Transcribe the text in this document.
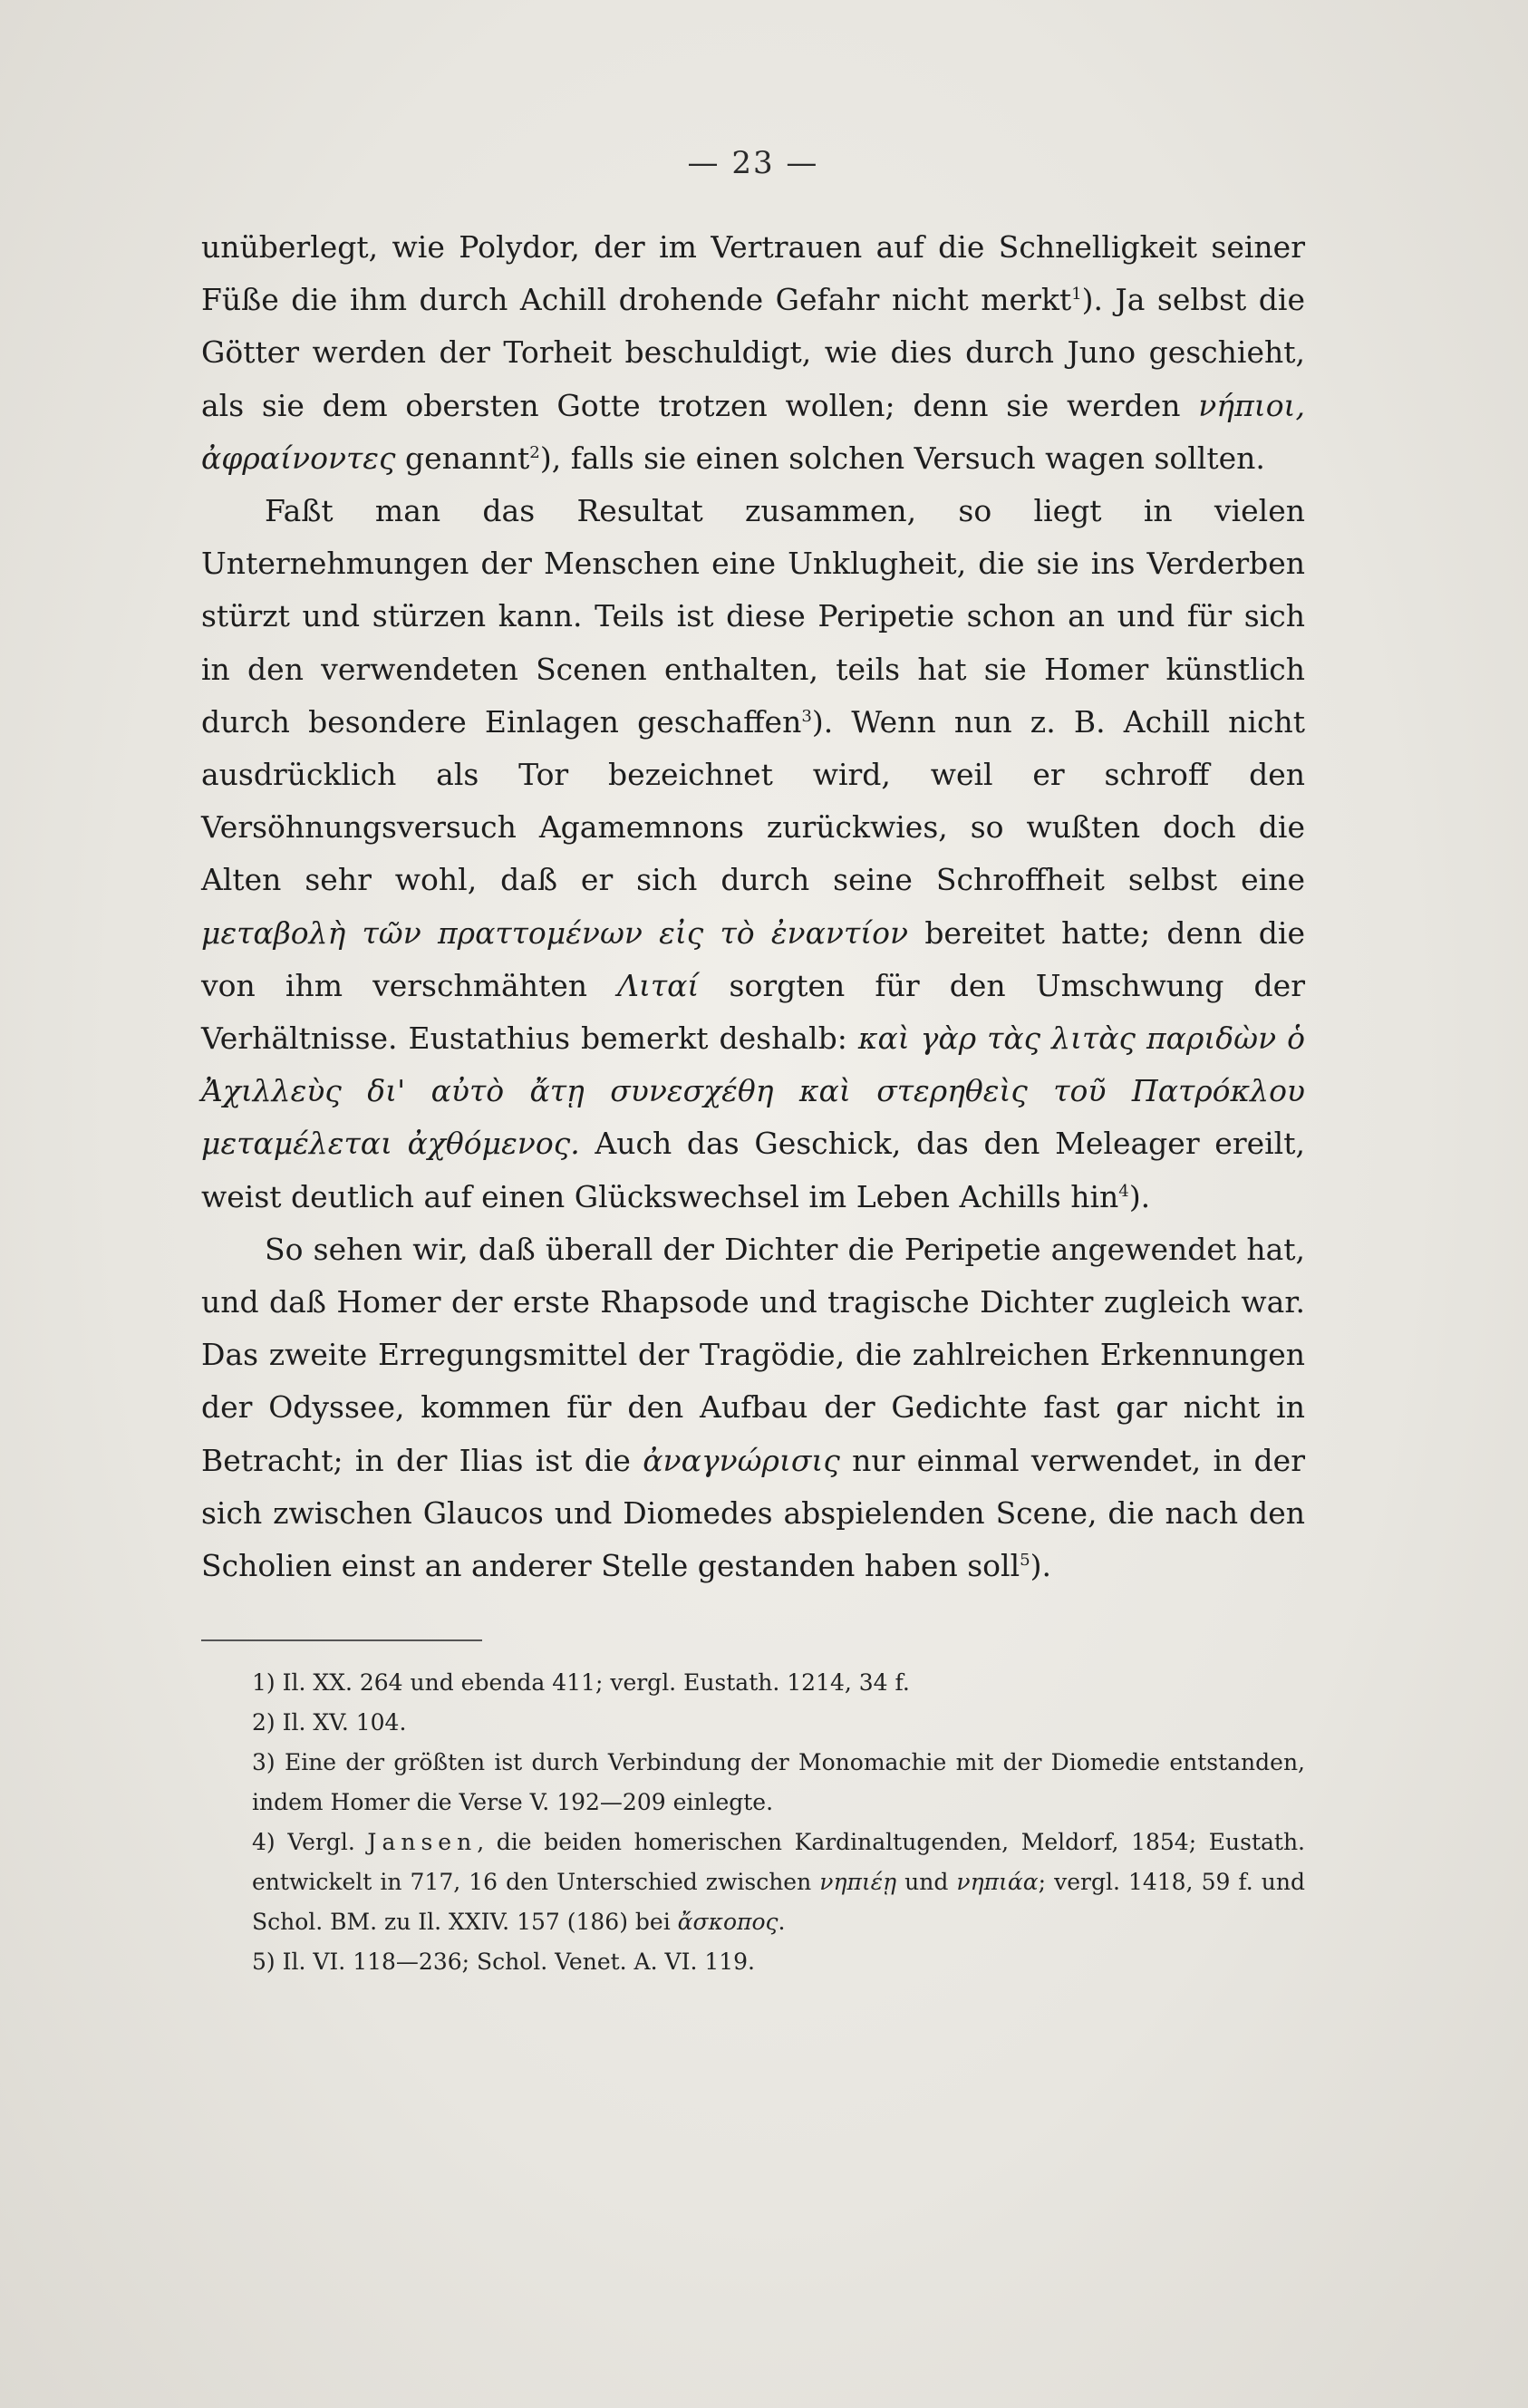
— 23 —

unüberlegt, wie Polydor, der im Vertrauen auf die Schnelligkeit seiner Füße die ihm durch Achill drohende Gefahr nicht merkt$^1$). Ja selbst die Götter werden der Torheit beschuldigt, wie dies durch Juno geschieht, als sie dem obersten Gotte trotzen wollen; denn sie werden νήπιοι, ἀφραίνοντες genannt$^2$), falls sie einen solchen Versuch wagen sollten.

Faßt man das Resultat zusammen, so liegt in vielen Unternehmungen der Menschen eine Unklugheit, die sie ins Verderben stürzt und stürzen kann. Teils ist diese Peripetie schon an und für sich in den verwendeten Scenen enthalten, teils hat sie Homer künstlich durch besondere Einlagen geschaffen$^3$). Wenn nun z. B. Achill nicht ausdrücklich als Tor bezeichnet wird, weil er schroff den Versöhnungsversuch Agamemnons zurückwies, so wußten doch die Alten sehr wohl, daß er sich durch seine Schroffheit selbst eine μεταβολὴ τῶν πραττομένων εἰς τὸ ἐναντίον bereitet hatte; denn die von ihm verschmähten Λιταί sorgten für den Umschwung der Verhältnisse. Eustathius bemerkt deshalb: καὶ γὰρ τὰς λιτὰς παριδὼν ὁ Ἀχιλλεὺς δι' αὐτὸ ἄτῃ συνεσχέθη καὶ στερηθεὶς τοῦ Πατρόκλου μεταμέλεται ἀχθόμενος. Auch das Geschick, das den Meleager ereilt, weist deutlich auf einen Glückswechsel im Leben Achills hin$^4$).

So sehen wir, daß überall der Dichter die Peripetie angewendet hat, und daß Homer der erste Rhapsode und tragische Dichter zugleich war. Das zweite Erregungsmittel der Tragödie, die zahlreichen Erkennungen der Odyssee, kommen für den Aufbau der Gedichte fast gar nicht in Betracht; in der Ilias ist die ἀναγνώρισις nur einmal verwendet, in der sich zwischen Glaucos und Diomedes abspielenden Scene, die nach den Scholien einst an anderer Stelle gestanden haben soll$^5$).

1) Il. XX. 264 und ebenda 411; vergl. Eustath. 1214, 34 f.
2) Il. XV. 104.
3) Eine der größten ist durch Verbindung der Monomachie mit der Diomedie entstanden, indem Homer die Verse V. 192—209 einlegte.
4) Vergl. Jansen, die beiden homerischen Kardinaltugenden, Meldorf, 1854; Eustath. entwickelt in 717, 16 den Unterschied zwischen νηπιέῃ und νηπιάα; vergl. 1418, 59 f. und Schol. BM. zu Il. XXIV. 157 (186) bei ἄσκοπος.
5) Il. VI. 118—236; Schol. Venet. A. VI. 119.
